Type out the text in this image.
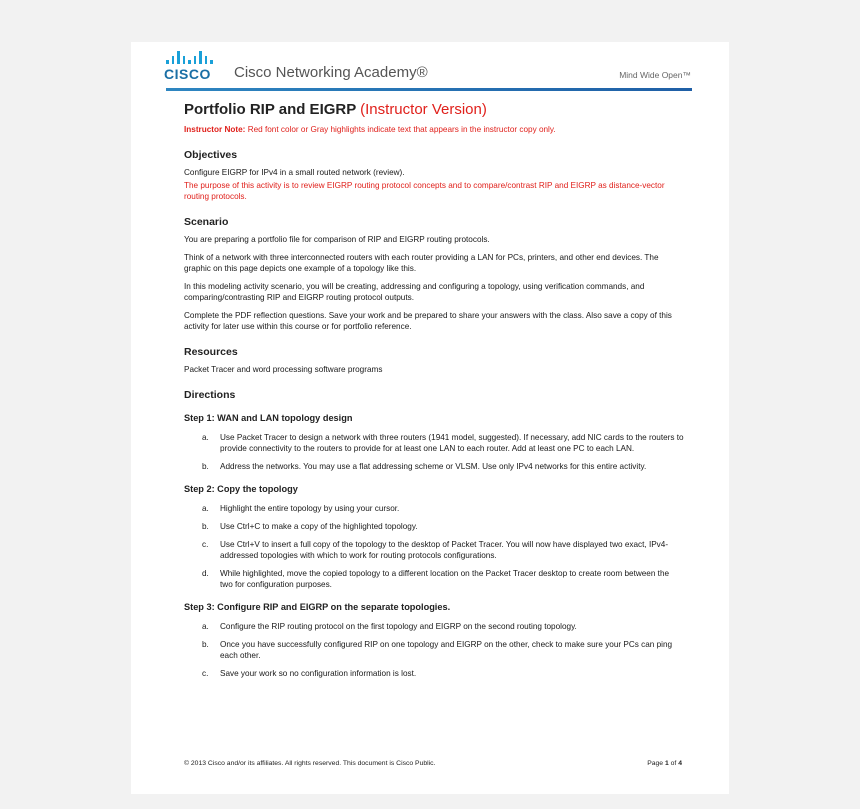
CISCO	Cisco Networking Academy®	Mind Wide Open™
Portfolio RIP and EIGRP (Instructor Version)
Instructor Note: Red font color or Gray highlights indicate text that appears in the instructor copy only.
Objectives

Configure EIGRP for IPv4 in a small routed network (review).

The purpose of this activity is to review EIGRP routing protocol concepts and to compare/contrast RIP and EIGRP as distance-vector routing protocols.

Scenario

You are preparing a portfolio file for comparison of RIP and EIGRP routing protocols.

Think of a network with three interconnected routers with each router providing a LAN for PCs, printers, and other end devices. The graphic on this page depicts one example of a topology like this.

In this modeling activity scenario, you will be creating, addressing and configuring a topology, using verification commands, and comparing/contrasting RIP and EIGRP routing protocol outputs.

Complete the PDF reflection questions. Save your work and be prepared to share your answers with the class. Also save a copy of this activity for later use within this course or for portfolio reference.

Resources

Packet Tracer and word processing software programs

Directions
Step 1: WAN and LAN topology design
a. Use Packet Tracer to design a network with three routers (1941 model, suggested). If necessary, add NIC cards to the routers to provide connectivity to the routers to provide for at least one LAN to each router. Add at least one PC to each LAN.
b. Address the networks. You may use a flat addressing scheme or VLSM. Use only IPv4 networks for this entire activity.
Step 2: Copy the topology
a. Highlight the entire topology by using your cursor.
b. Use Ctrl+C to make a copy of the highlighted topology.
c. Use Ctrl+V to insert a full copy of the topology to the desktop of Packet Tracer. You will now have displayed two exact, IPv4-addressed topologies with which to work for routing protocols configurations.
d. While highlighted, move the copied topology to a different location on the Packet Tracer desktop to create room between the two for configuration purposes.
Step 3: Configure RIP and EIGRP on the separate topologies.
a. Configure the RIP routing protocol on the first topology and EIGRP on the second routing topology.
b. Once you have successfully configured RIP on one topology and EIGRP on the other, check to make sure your PCs can ping each other.
c. Save your work so no configuration information is lost.
© 2013 Cisco and/or its affiliates. All rights reserved. This document is Cisco Public.	Page 1 of 4
